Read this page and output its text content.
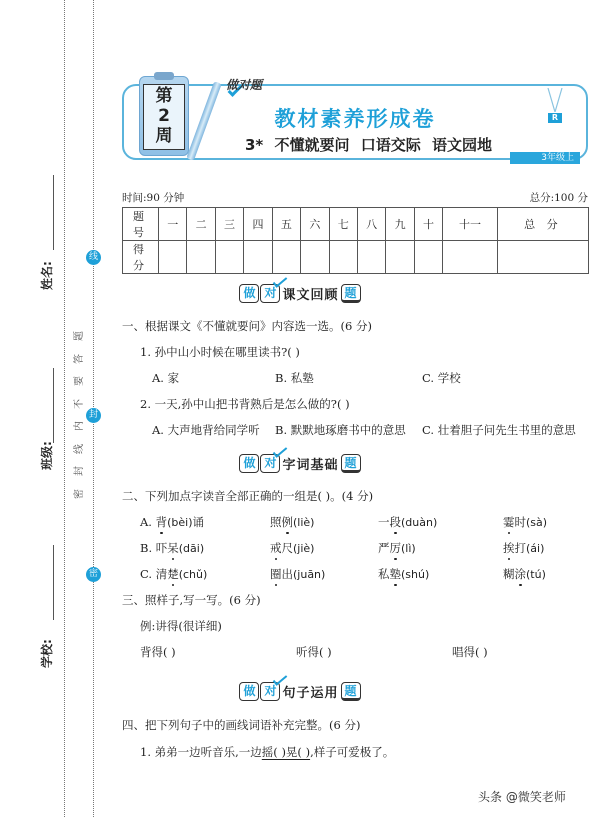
姓名:
班级:
学校:
线
封
密
密
封
线
内
不
要
答
题
第
2
周
做对题
教材素养形成卷
3* 不懂就要问 口语交际 语文园地
R
3年级上
时间:90 分钟	总分:100 分
题 号	一	二	三	四	五	六	七	八	九	十	十一	总 分
得 分												
做 对 课文回顾 题
一、根据课文《不懂就要问》内容选一选。(6 分)
1. 孙中山小时候在哪里读书?( )
A. 家	B. 私塾	C. 学校
2. 一天,孙中山把书背熟后是怎么做的?( )
A. 大声地背给同学听 B. 默默地琢磨书中的意思 C. 壮着胆子问先生书里的意思
做 对 字词基础 题
二、下列加点字读音全部正确的一组是( )。(4 分)
A. 背(bèi)诵	照例(liè)	一段(duàn)	霎时(sà)
B. 吓呆(dāi)	戒尺(jiè)	严厉(lì)	挨打(ái)
C. 清楚(chǔ)	圈出(juān)	私塾(shú)	糊涂(tú)
三、照样子,写一写。(6 分)
例:讲得(很详细)
背得( )	听得( )	唱得( )
做 对 句子运用 题
四、把下列句子中的画线词语补充完整。(6 分)
1. 弟弟一边听音乐,一边摇( )晃( ),样子可爱极了。
头条 @微笑老师
